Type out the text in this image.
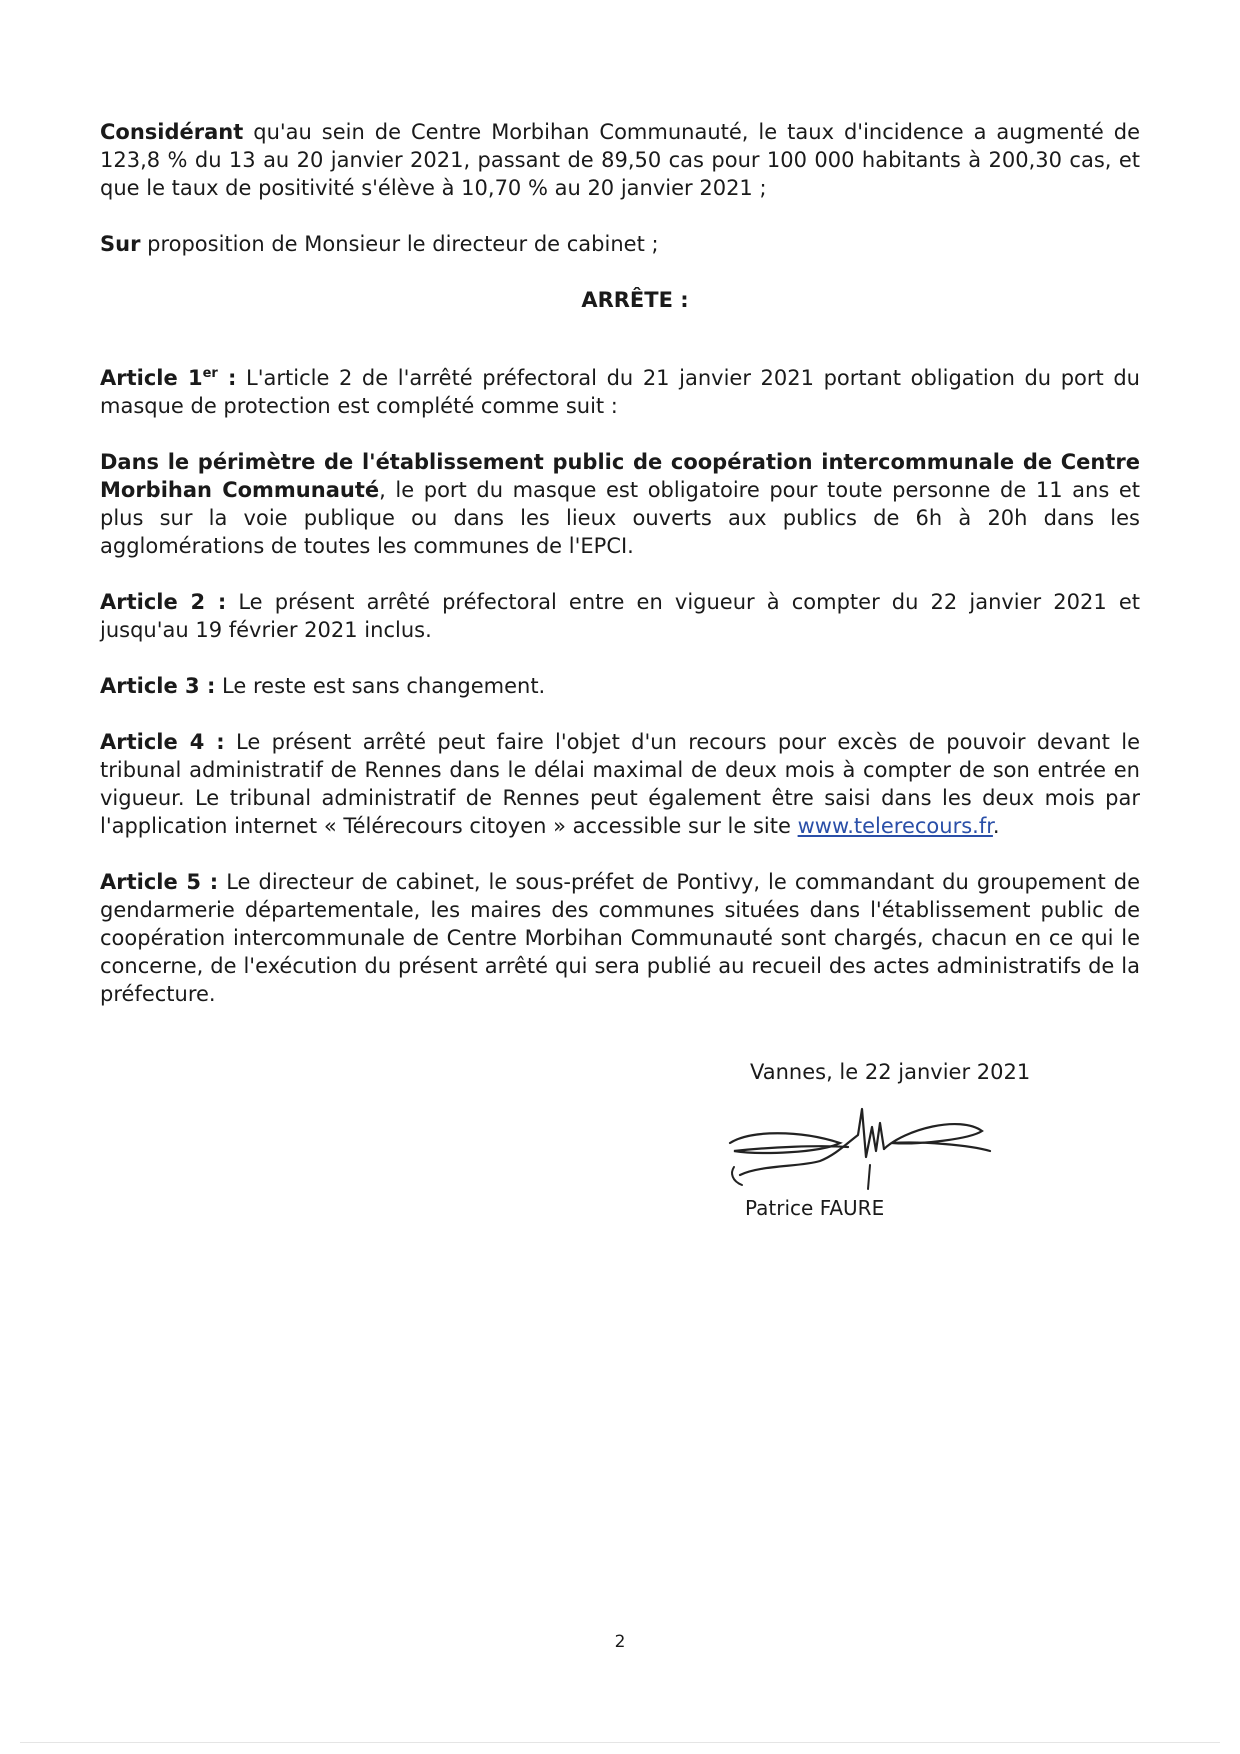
Considérant qu'au sein de Centre Morbihan Communauté, le taux d'incidence a augmenté de 123,8 % du 13 au 20 janvier 2021, passant de 89,50 cas pour 100 000 habitants à 200,30 cas, et que le taux de positivité s'élève à 10,70 % au 20 janvier 2021 ;

Sur proposition de Monsieur le directeur de cabinet ;

ARRÊTE :

Article 1er : L'article 2 de l'arrêté préfectoral du 21 janvier 2021 portant obligation du port du masque de protection est complété comme suit :

Dans le périmètre de l'établissement public de coopération intercommunale de Centre Morbihan Communauté, le port du masque est obligatoire pour toute personne de 11 ans et plus sur la voie publique ou dans les lieux ouverts aux publics de 6h à 20h dans les agglomérations de toutes les communes de l'EPCI.

Article 2 : Le présent arrêté préfectoral entre en vigueur à compter du 22 janvier 2021 et jusqu'au 19 février 2021 inclus.

Article 3 : Le reste est sans changement.

Article 4 : Le présent arrêté peut faire l'objet d'un recours pour excès de pouvoir devant le tribunal administratif de Rennes dans le délai maximal de deux mois à compter de son entrée en vigueur. Le tribunal administratif de Rennes peut également être saisi dans les deux mois par l'application internet « Télérecours citoyen » accessible sur le site www.telerecours.fr.

Article 5 : Le directeur de cabinet, le sous-préfet de Pontivy, le commandant du groupement de gendarmerie départementale, les maires des communes situées dans l'établissement public de coopération intercommunale de Centre Morbihan Communauté sont chargés, chacun en ce qui le concerne, de l'exécution du présent arrêté qui sera publié au recueil des actes administratifs de la préfecture.

Vannes, le 22 janvier 2021
Patrice FAURE
2
